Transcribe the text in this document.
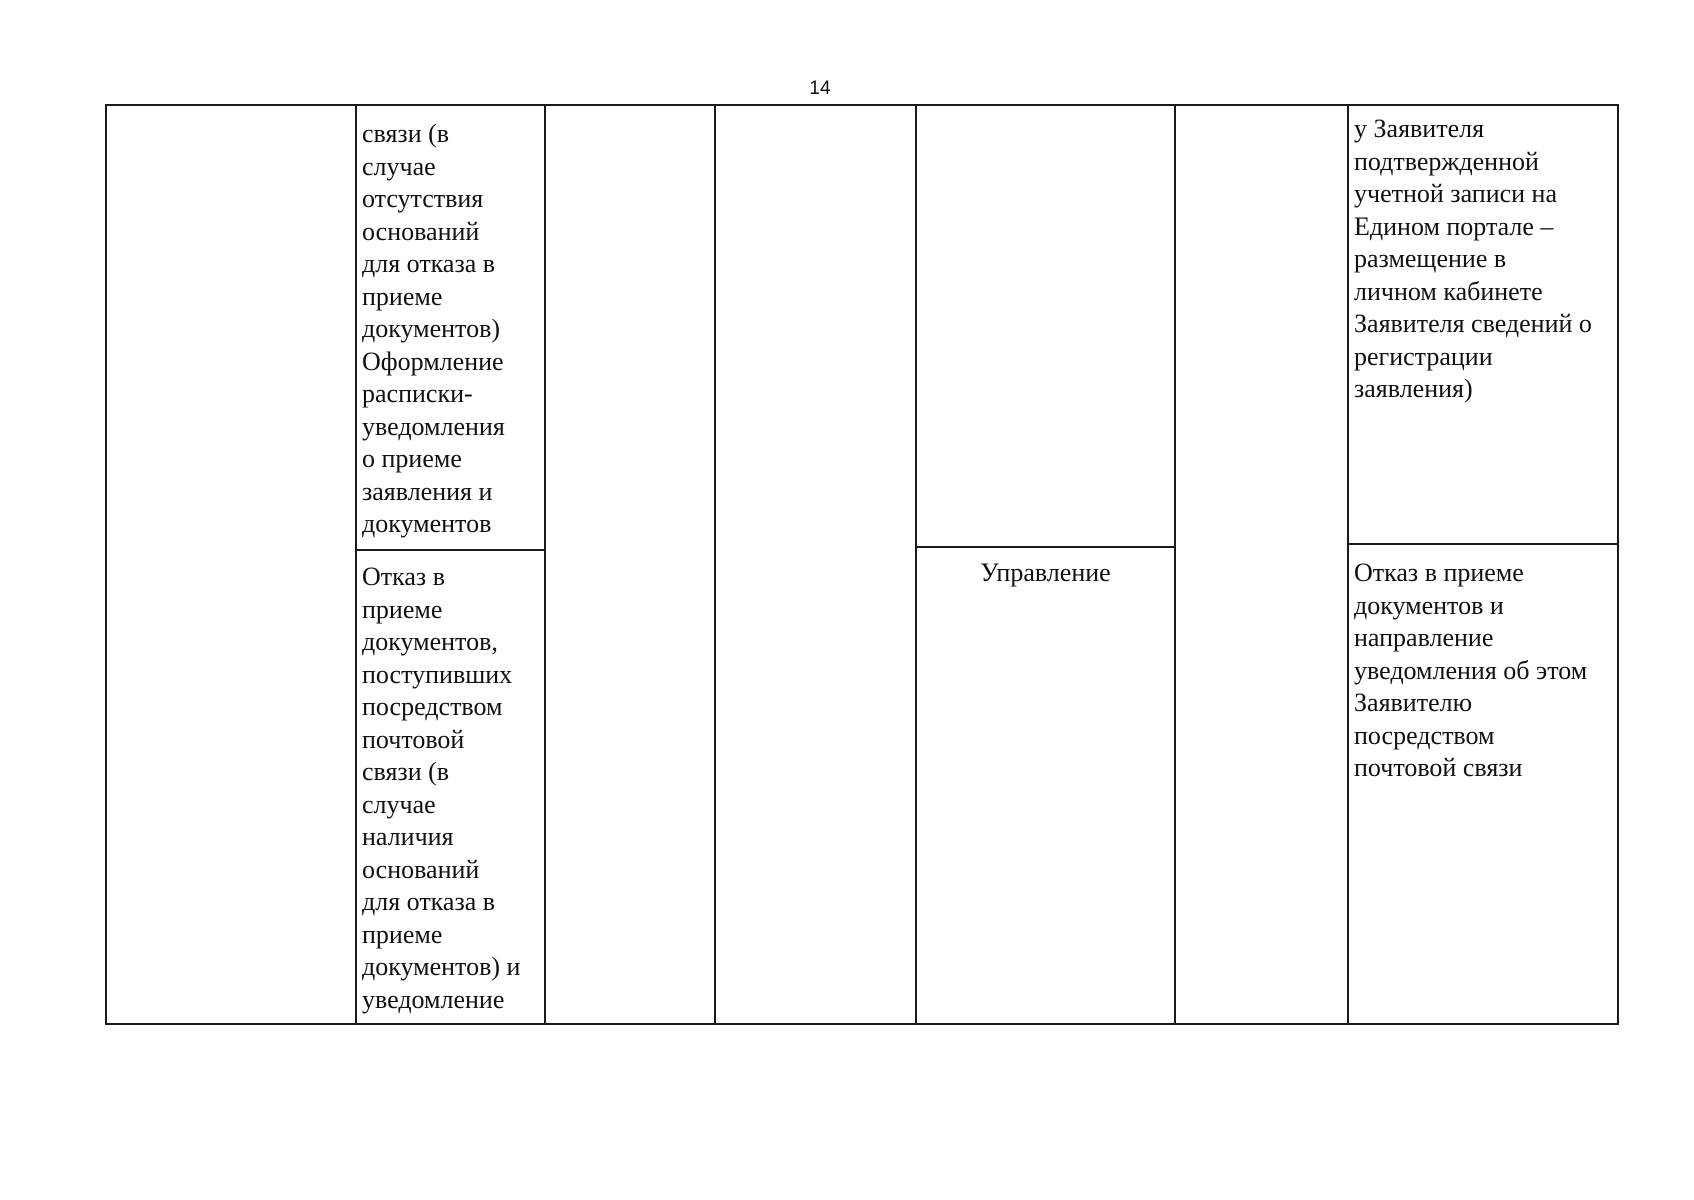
14
связи (в
случае
отсутствия
оснований
для отказа в
приеме
документов)
Оформление
расписки-
уведомления
о приеме
заявления и
документов
у Заявителя
подтвержденной
учетной записи на
Едином портале –
размещение в
личном кабинете
Заявителя сведений о
регистрации
заявления)
Отказ в
приеме
документов,
поступивших
посредством
почтовой
связи (в
случае
наличия
оснований
для отказа в
приеме
документов) и
уведомление
Управление	Отказ в приеме
документов и
направление
уведомления об этом
Заявителю
посредством
почтовой связи
